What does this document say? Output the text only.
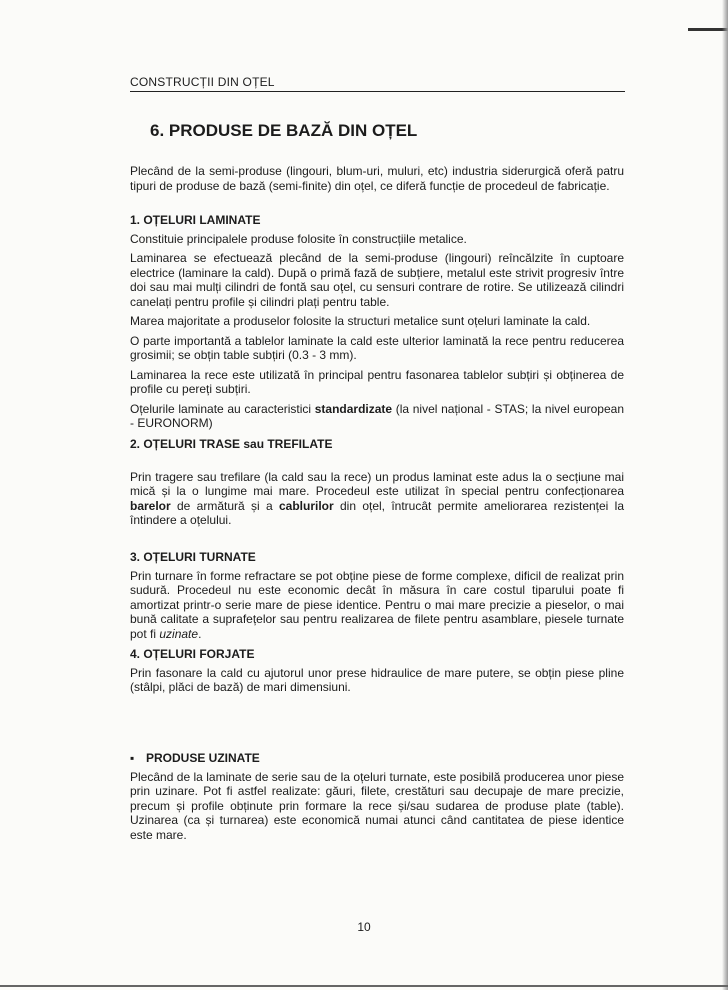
CONSTRUCȚII DIN OȚEL
6. PRODUSE DE BAZĂ DIN OȚEL

Plecând de la semi-produse (lingouri, blum-uri, muluri, etc) industria siderurgică oferă patru tipuri de produse de bază (semi-finite) din oțel, ce diferă funcție de procedeul de fabricație.

1. OȚELURI LAMINATE

Constituie principalele produse folosite în construcțiile metalice.

Laminarea se efectuează plecând de la semi-produse (lingouri) reîncălzite în cuptoare electrice (laminare la cald). După o primă fază de subțiere, metalul este strivit progresiv între doi sau mai mulți cilindri de fontă sau oțel, cu sensuri contrare de rotire. Se utilizează cilindri canelați pentru profile și cilindri plați pentru table.

Marea majoritate a produselor folosite la structuri metalice sunt oțeluri laminate la cald.

O parte importantă a tablelor laminate la cald este ulterior laminată la rece pentru reducerea grosimii; se obțin table subțiri (0.3 - 3 mm).

Laminarea la rece este utilizată în principal pentru fasonarea tablelor subțiri și obținerea de profile cu pereți subțiri.

Oțelurile laminate au caracteristici standardizate (la nivel național - STAS; la nivel european - EURONORM)

2. OȚELURI TRASE sau TREFILATE

Prin tragere sau trefilare (la cald sau la rece) un produs laminat este adus la o secțiune mai mică și la o lungime mai mare. Procedeul este utilizat în special pentru confecționarea barelor de armătură și a cablurilor din oțel, întrucât permite ameliorarea rezistenței la întindere a oțelului.

3. OȚELURI TURNATE

Prin turnare în forme refractare se pot obține piese de forme complexe, dificil de realizat prin sudură. Procedeul nu este economic decât în măsura în care costul tiparului poate fi amortizat printr-o serie mare de piese identice. Pentru o mai mare precizie a pieselor, o mai bună calitate a suprafețelor sau pentru realizarea de filete pentru asamblare, piesele turnate pot fi uzinate.

4. OȚELURI FORJATE

Prin fasonare la cald cu ajutorul unor prese hidraulice de mare putere, se obțin piese pline (stâlpi, plăci de bază) de mari dimensiuni.

▪ PRODUSE UZINATE

Plecând de la laminate de serie sau de la oțeluri turnate, este posibilă producerea unor piese prin uzinare. Pot fi astfel realizate: găuri, filete, crestături sau decupaje de mare precizie, precum și profile obținute prin formare la rece și/sau sudarea de produse plate (table). Uzinarea (ca și turnarea) este economică numai atunci când cantitatea de piese identice este mare.

10
